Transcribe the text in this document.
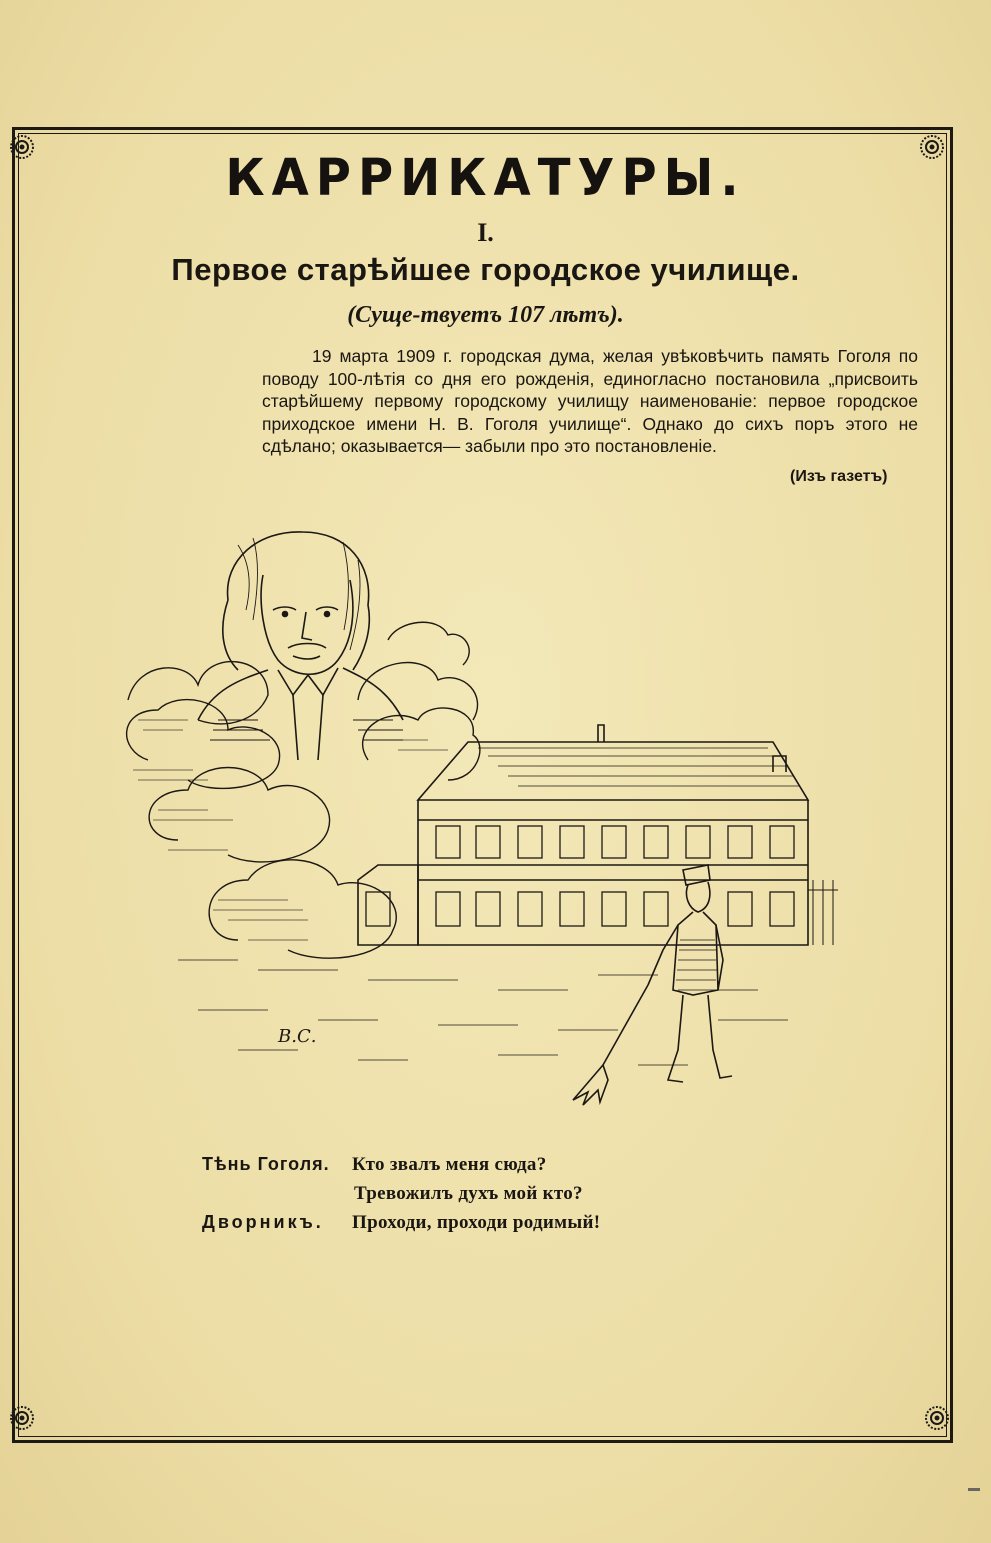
КАРРИКАТУРЫ.
I.
Первое старѣйшее городское училище.
(Суще‑твуетъ 107 лѣтъ).
19 марта 1909 г. городская дума, желая увѣковѣчить память Гоголя по поводу 100-лѣтія со дня его рожденія, единогласно постановила „присвоить старѣйшему первому городскому училищу наименованіе: первое городское приходское имени Н. В. Гоголя училище“. Однако до сихъ поръ этого не сдѣлано; оказывается— забыли про это постановленіе.
(Изъ газетъ)
В.С.
Тѣнь Гоголя. Кто звалъ меня сюда?
Тревожилъ духъ мой кто?
Дворникъ. Проходи, проходи родимый!
